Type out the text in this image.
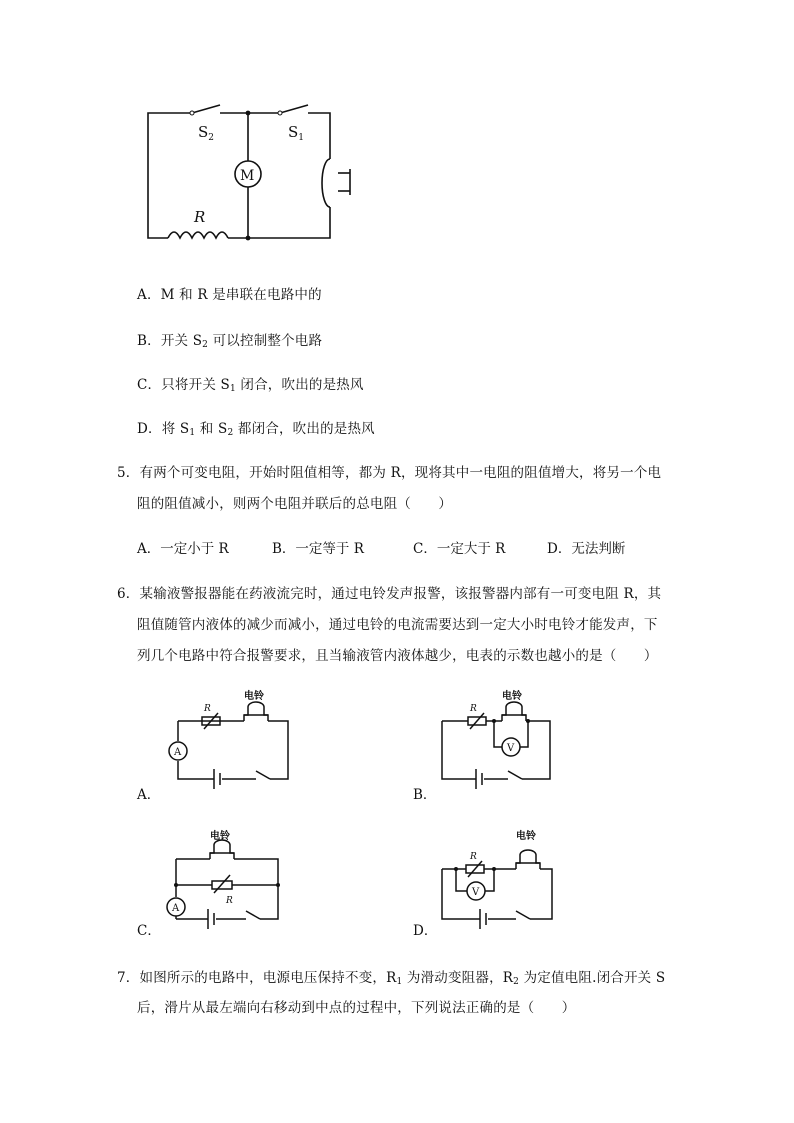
$S_2$	$S_1$
M
R
A．M 和 R 是串联在电路中的
B．开关 $S_2$ 可以控制整个电路
C．只将开关 $S_1$ 闭合，吹出的是热风
D．将 $S_1$ 和 $S_2$ 都闭合，吹出的是热风
5．有两个可变电阻，开始时阻值相等，都为 R，现将其中一电阻的阻值增大，将另一个电
阻的阻值减小，则两个电阻并联后的总电阻（　　）
A．一定小于 R	B．一定等于 R	C．一定大于 R	D．无法判断
6．某输液警报器能在药液流完时，通过电铃发声报警，该报警器内部有一可变电阻 R，其
阻值随管内液体的减少而减小，通过电铃的电流需要达到一定大小时电铃才能发声，下
列几个电路中符合报警要求，且当输液管内液体越少，电表的示数也越小的是（　　）
电铃
R
A
A．
电铃
R
V
B．
电铃
R
A
C．
电铃
R
V
D．
7．如图所示的电路中，电源电压保持不变，$R_1$ 为滑动变阻器，$R_2$ 为定值电阻.闭合开关 S
后，滑片从最左端向右移动到中点的过程中，下列说法正确的是（　　）
